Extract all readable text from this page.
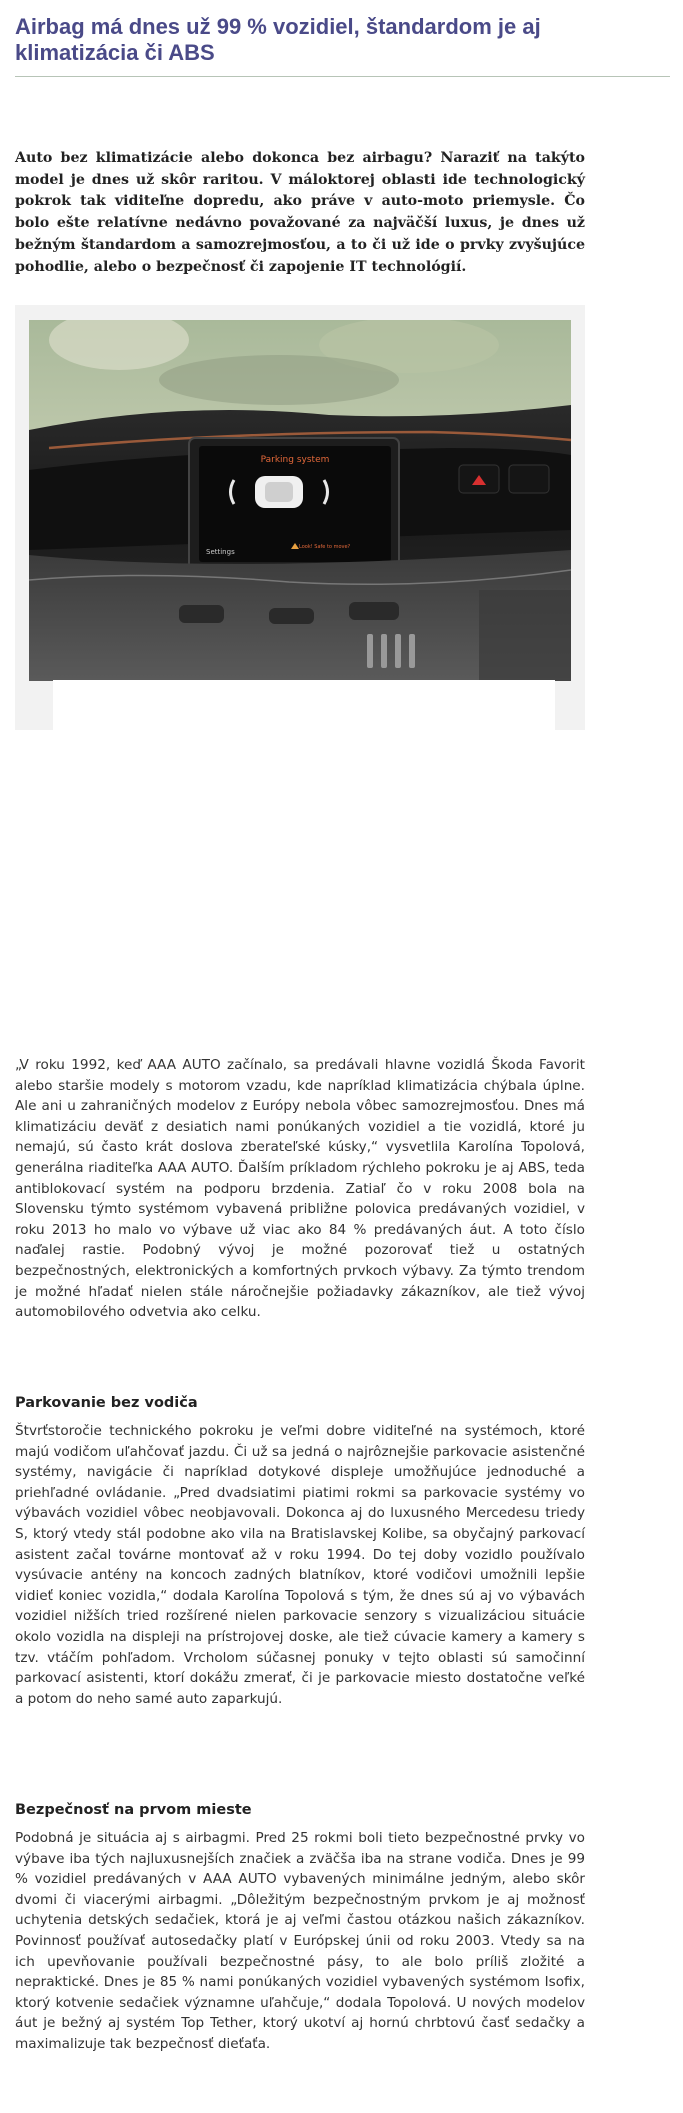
Airbag má dnes už 99 % vozidiel, štandardom je aj klimatizácia či ABS

Auto bez klimatizácie alebo dokonca bez airbagu? Naraziť na takýto model je dnes už skôr raritou. V máloktorej oblasti ide technologický pokrok tak viditeľne dopredu, ako práve v auto-moto priemysle. Čo bolo ešte relatívne nedávno považované za najväčší luxus, je dnes už bežným štandardom a samozrejmosťou, a to či už ide o prvky zvyšujúce pohodlie, alebo o bezpečnosť či zapojenie IT technológií.

Parking system
Settings
Look! Safe to move?

„V roku 1992, keď AAA AUTO začínalo, sa predávali hlavne vozidlá Škoda Favorit alebo staršie modely s motorom vzadu, kde napríklad klimatizácia chýbala úplne. Ale ani u zahraničných modelov z Európy nebola vôbec samozrejmosťou. Dnes má klimatizáciu deväť z desiatich nami ponúkaných vozidiel a tie vozidlá, ktoré ju nemajú, sú často krát doslova zberateľské kúsky,“ vysvetlila Karolína Topolová, generálna riaditeľka AAA AUTO. Ďalším príkladom rýchleho pokroku je aj ABS, teda antiblokovací systém na podporu brzdenia. Zatiaľ čo v roku 2008 bola na Slovensku týmto systémom vybavená približne polovica predávaných vozidiel, v roku 2013 ho malo vo výbave už viac ako 84 % predávaných áut. A toto číslo naďalej rastie. Podobný vývoj je možné pozorovať tiež u ostatných bezpečnostných, elektronických a komfortných prvkoch výbavy. Za týmto trendom je možné hľadať nielen stále náročnejšie požiadavky zákazníkov, ale tiež vývoj automobilového odvetvia ako celku.

Parkovanie bez vodiča

Štvrťstoročie technického pokroku je veľmi dobre viditeľné na systémoch, ktoré majú vodičom uľahčovať jazdu. Či už sa jedná o najrôznejšie parkovacie asistenčné systémy, navigácie či napríklad dotykové displeje umožňujúce jednoduché a priehľadné ovládanie. „Pred dvadsiatimi piatimi rokmi sa parkovacie systémy vo výbavách vozidiel vôbec neobjavovali. Dokonca aj do luxusného Mercedesu triedy S, ktorý vtedy stál podobne ako vila na Bratislavskej Kolibe, sa obyčajný parkovací asistent začal továrne montovať až v roku 1994. Do tej doby vozidlo používalo vysúvacie antény na koncoch zadných blatníkov, ktoré vodičovi umožnili lepšie vidieť koniec vozidla,“ dodala Karolína Topolová s tým, že dnes sú aj vo výbavách vozidiel nižších tried rozšírené nielen parkovacie senzory s vizualizáciou situácie okolo vozidla na displeji na prístrojovej doske, ale tiež cúvacie kamery a kamery s tzv. vtáčím pohľadom. Vrcholom súčasnej ponuky v tejto oblasti sú samočinní parkovací asistenti, ktorí dokážu zmerať, či je parkovacie miesto dostatočne veľké a potom do neho samé auto zaparkujú.

Bezpečnosť na prvom mieste

Podobná je situácia aj s airbagmi. Pred 25 rokmi boli tieto bezpečnostné prvky vo výbave iba tých najluxusnejších značiek a zväčša iba na strane vodiča. Dnes je 99 % vozidiel predávaných v AAA AUTO vybavených minimálne jedným, alebo skôr dvomi či viacerými airbagmi. „Dôležitým bezpečnostným prvkom je aj možnosť uchytenia detských sedačiek, ktorá je aj veľmi častou otázkou našich zákazníkov. Povinnosť používať autosedačky platí v Európskej únii od roku 2003. Vtedy sa na ich upevňovanie používali bezpečnostné pásy, to ale bolo príliš zložité a nepraktické. Dnes je 85 % nami ponúkaných vozidiel vybavených systémom Isofix, ktorý kotvenie sedačiek významne uľahčuje,“ dodala Topolová. U nových modelov áut je bežný aj systém Top Tether, ktorý ukotví aj hornú chrbtovú časť sedačky a maximalizuje tak bezpečnosť dieťaťa.
